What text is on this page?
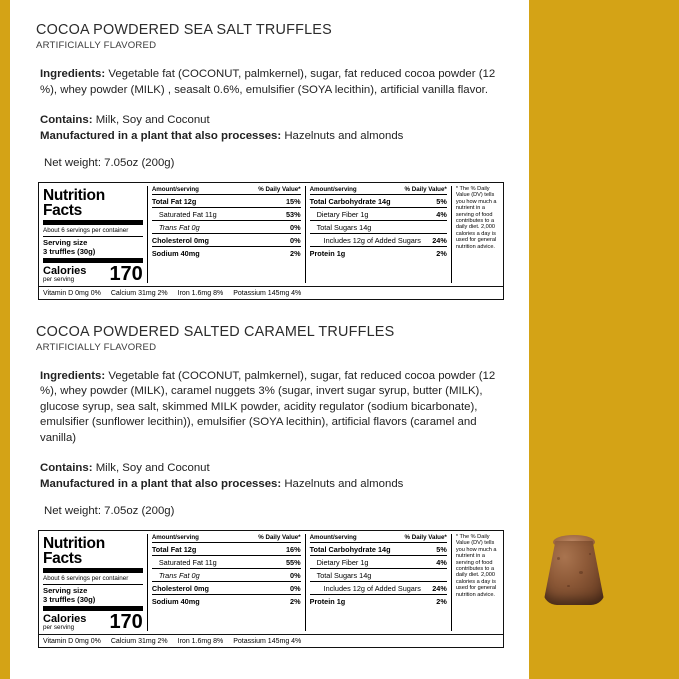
COCOA POWDERED SEA SALT TRUFFLES
ARTIFICIALLY FLAVORED

Ingredients: Vegetable fat (COCONUT, palmkernel), sugar, fat reduced cocoa powder (12 %), whey powder (MILK) , seasalt 0.6%, emulsifier (SOYA lecithin), artificial vanilla flavor.

Contains: Milk, Soy and Coconut
Manufactured in a plant that also processes: Hazelnuts and almonds
Net weight: 7.05oz (200g)
Nutrition
Facts
About 6 servings per container
Serving size
3 truffles (30g)
Calories
per serving	170
Amount/serving	% Daily Value*
Total Fat 12g	15%
Saturated Fat 11g	53%
Trans Fat 0g	0%
Cholesterol 0mg	0%
Sodium 40mg	2%
Amount/serving	% Daily Value*
Total Carbohydrate 14g	5%
Dietary Fiber 1g	4%
Total Sugars 14g
Includes 12g of Added Sugars 24%
Protein 1g	2%
* The % Daily Value (DV) tells you how much a nutrient in a serving of food contributes to a daily diet. 2,000 calories a day is used for general nutrition advice.
Vitamin D 0mg 0% Calcium 31mg 2% Iron 1.6mg 8% Potassium 145mg 4%
COCOA POWDERED SALTED CARAMEL TRUFFLES
ARTIFICIALLY FLAVORED

Ingredients: Vegetable fat (COCONUT, palmkernel), sugar, fat reduced cocoa powder (12 %), whey powder (MILK), caramel nuggets 3% (sugar, invert sugar syrup, butter (MILK), glucose syrup, sea salt, skimmed MILK powder, acidity regulator (sodium bicarbonate), emulsifier (sunflower lecithin)), emulsifier (SOYA lecithin), artificial flavors (caramel and vanilla)

Contains: Milk, Soy and Coconut
Manufactured in a plant that also processes: Hazelnuts and almonds
Net weight: 7.05oz (200g)
Nutrition
Facts
About 6 servings per container
Serving size
3 truffles (30g)
Calories
per serving	170
Amount/serving	% Daily Value*
Total Fat 12g	16%
Saturated Fat 11g	55%
Trans Fat 0g	0%
Cholesterol 0mg	0%
Sodium 40mg	2%
Amount/serving	% Daily Value*
Total Carbohydrate 14g	5%
Dietary Fiber 1g	4%
Total Sugars 14g
Includes 12g of Added Sugars 24%
Protein 1g	2%
* The % Daily Value (DV) tells you how much a nutrient in a serving of food contributes to a daily diet. 2,000 calories a day is used for general nutrition advice.
Vitamin D 0mg 0% Calcium 31mg 2% Iron 1.6mg 8% Potassium 145mg 4%
